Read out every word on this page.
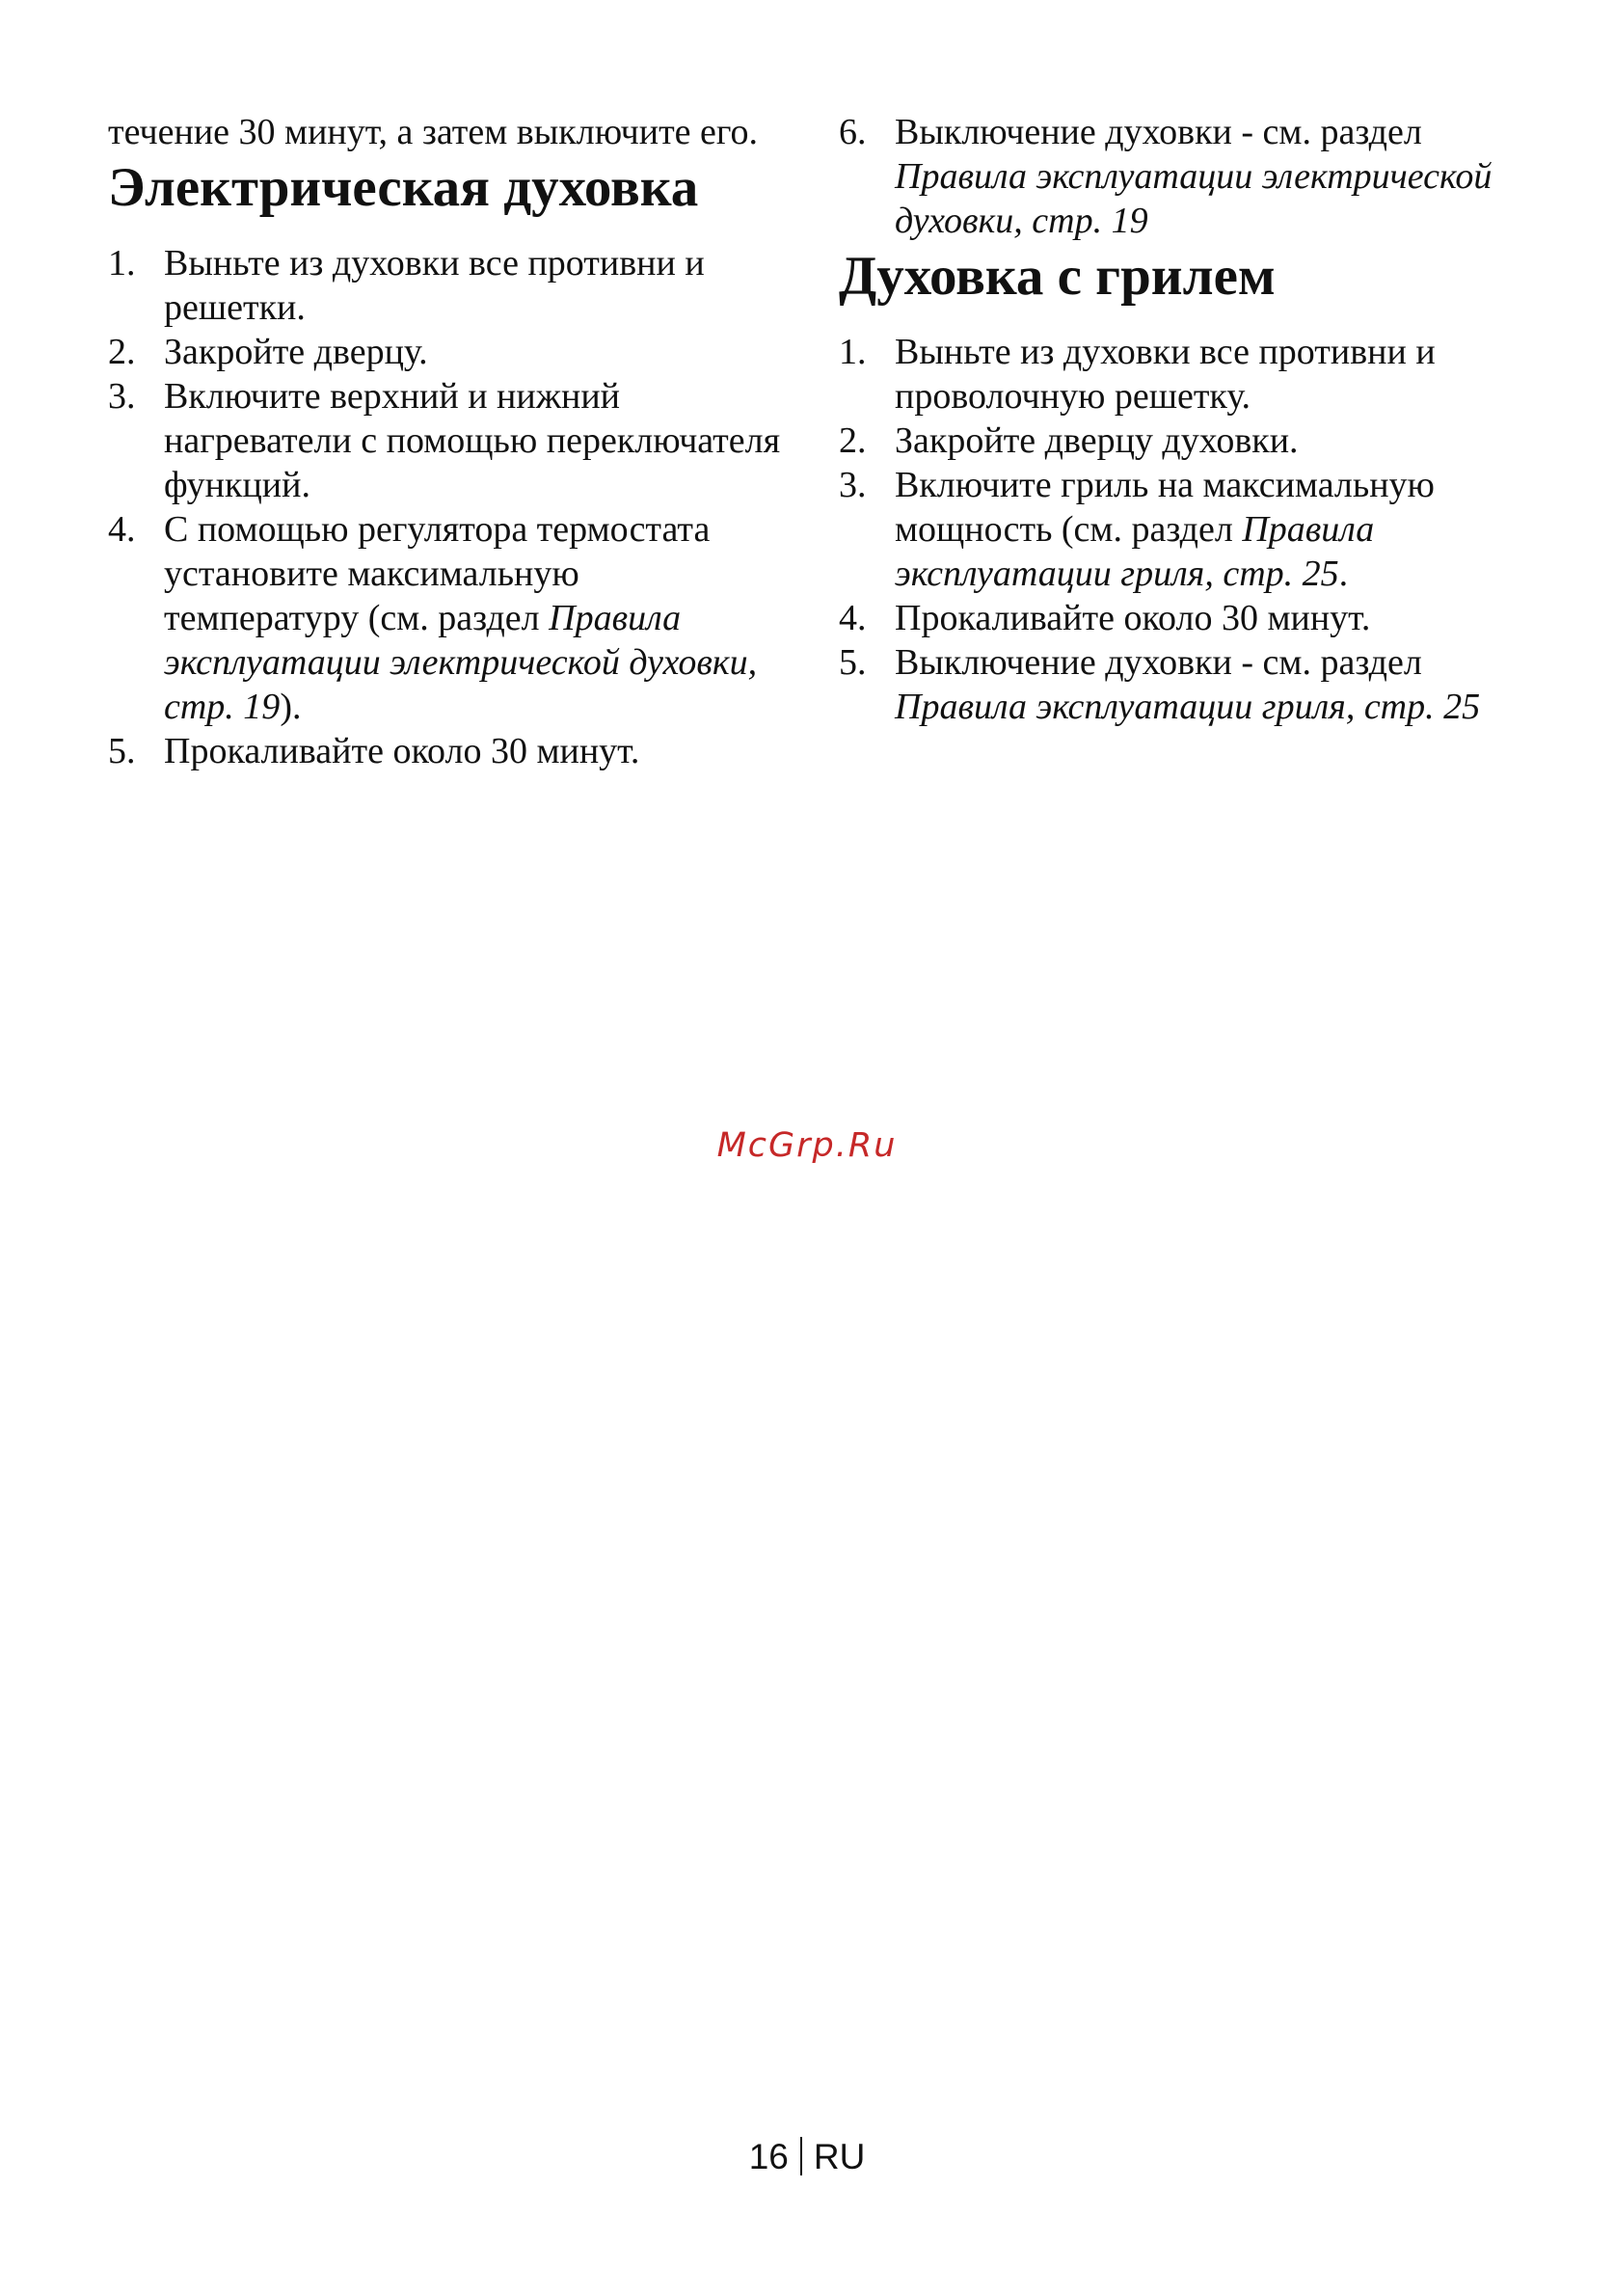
течение 30 минут, а затем выключите его.

Электрическая духовка
1. Выньте из духовки все противни и решетки.
2. Закройте дверцу.
3. Включите верхний и нижний нагреватели с помощью переключателя функций.
4. С помощью регулятора термостата установите максимальную температуру (см. раздел Правила эксплуатации электрической духовки, стр. 19).
5. Прокаливайте около 30 минут.
6. Выключение духовки - см. раздел Правила эксплуатации электрической духовки, стр. 19
Духовка с грилем
1. Выньте из духовки все противни и проволочную решетку.
2. Закройте дверцу духовки.
3. Включите гриль на максимальную мощность (см. раздел Правила эксплуатации гриля, стр. 25.
4. Прокаливайте около 30 минут.
5. Выключение духовки - см. раздел Правила эксплуатации гриля, стр. 25
McGrp.Ru
16 RU
